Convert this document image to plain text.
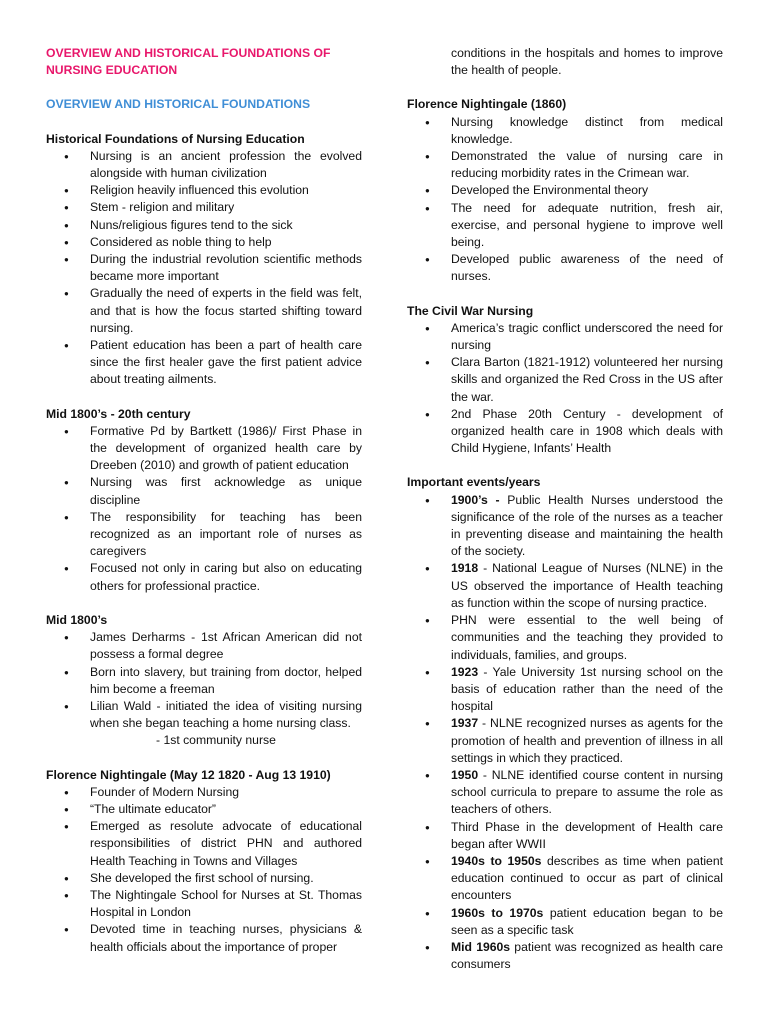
OVERVIEW AND HISTORICAL FOUNDATIONS OF NURSING EDUCATION

OVERVIEW AND HISTORICAL FOUNDATIONS

Historical Foundations of Nursing Education

● Nursing is an ancient profession the evolved alongside with human civilization
● Religion heavily influenced this evolution
● Stem - religion and military
● Nuns/religious figures tend to the sick
● Considered as noble thing to help
● During the industrial revolution scientific methods became more important
● Gradually the need of experts in the field was felt, and that is how the focus started shifting toward nursing.
● Patient education has been a part of health care since the first healer gave the first patient advice about treating ailments.

Mid 1800’s - 20th century

● Formative Pd by Bartkett (1986)/ First Phase in the development of organized health care by Dreeben (2010) and growth of patient education
● Nursing was first acknowledge as unique discipline
● The responsibility for teaching has been recognized as an important role of nurses as caregivers
● Focused not only in caring but also on educating others for professional practice.

Mid 1800’s

● James Derharms - 1st African American did not possess a formal degree
● Born into slavery, but training from doctor, helped him become a freeman
● Lilian Wald - initiated the idea of visiting nursing when she began teaching a home nursing class.
- 1st community nurse

Florence Nightingale (May 12 1820 - Aug 13 1910)

● Founder of Modern Nursing
● “The ultimate educator”
● Emerged as resolute advocate of educational responsibilities of district PHN and authored Health Teaching in Towns and Villages
● She developed the first school of nursing.
● The Nightingale School for Nurses at St. Thomas Hospital in London
● Devoted time in teaching nurses, physicians & health officials about the importance of proper
conditions in the hospitals and homes to improve the health of people.

Florence Nightingale (1860)

● Nursing knowledge distinct from medical knowledge.
● Demonstrated the value of nursing care in reducing morbidity rates in the Crimean war.
● Developed the Environmental theory
● The need for adequate nutrition, fresh air, exercise, and personal hygiene to improve well being.
● Developed public awareness of the need of nurses.

The Civil War Nursing

● America’s tragic conflict underscored the need for nursing
● Clara Barton (1821-1912) volunteered her nursing skills and organized the Red Cross in the US after the war.
● 2nd Phase 20th Century - development of organized health care in 1908 which deals with Child Hygiene, Infants’ Health

Important events/years

● 1900’s - Public Health Nurses understood the significance of the role of the nurses as a teacher in preventing disease and maintaining the health of the society.
● 1918 - National League of Nurses (NLNE) in the US observed the importance of Health teaching as function within the scope of nursing practice.
● PHN were essential to the well being of communities and the teaching they provided to individuals, families, and groups.
● 1923 - Yale University 1st nursing school on the basis of education rather than the need of the hospital
● 1937 - NLNE recognized nurses as agents for the promotion of health and prevention of illness in all settings in which they practiced.
● 1950 - NLNE identified course content in nursing school curricula to prepare to assume the role as teachers of others.
● Third Phase in the development of Health care began after WWII
● 1940s to 1950s describes as time when patient education continued to occur as part of clinical encounters
● 1960s to 1970s patient education began to be seen as a specific task
● Mid 1960s patient was recognized as health care consumers
